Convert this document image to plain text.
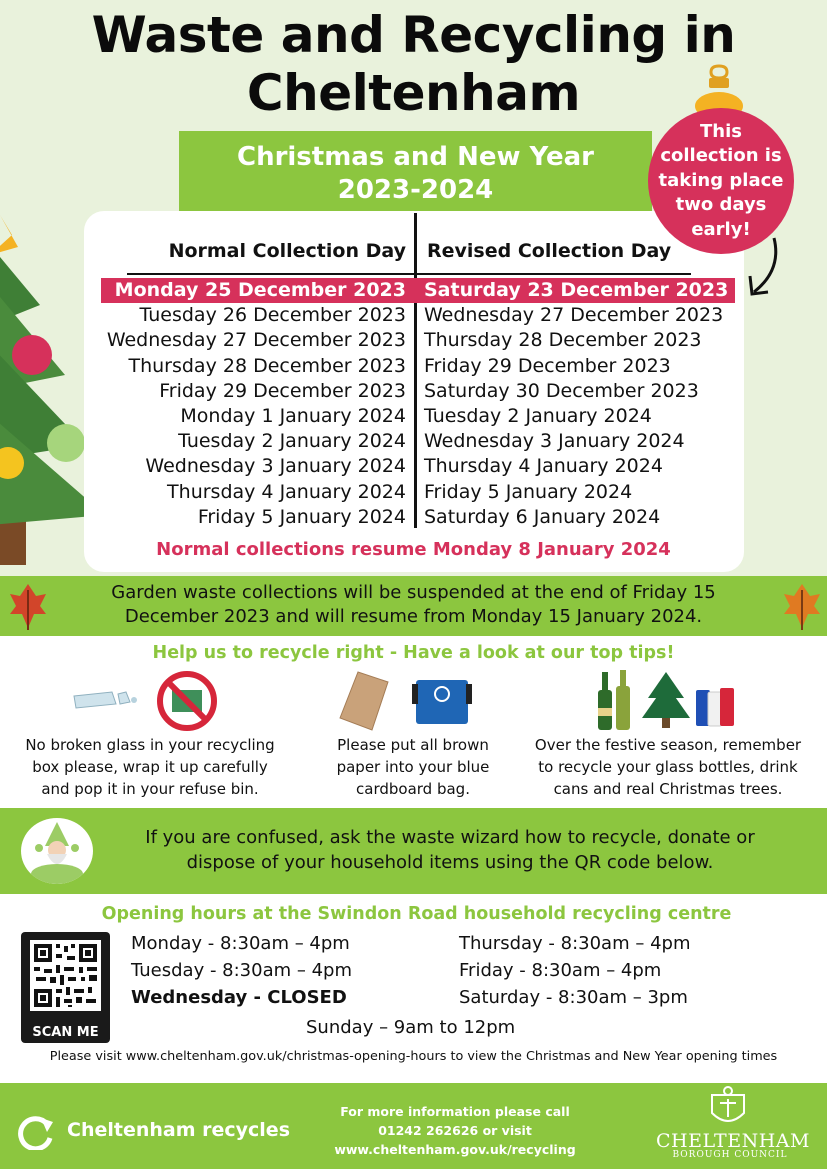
Waste and Recycling in
Cheltenham
Christmas and New Year
2023-2024
This
collection is
taking place
two days
early!
Normal Collection Day Revised Collection Day
Monday 25 December 2023 Saturday 23 December 2023
Tuesday 26 December 2023 Wednesday 27 December 2023
Wednesday 27 December 2023 Thursday 28 December 2023
Thursday 28 December 2023 Friday 29 December 2023
Friday 29 December 2023 Saturday 30 December 2023
Monday 1 January 2024 Tuesday 2 January 2024
Tuesday 2 January 2024 Wednesday 3 January 2024
Wednesday 3 January 2024 Thursday 4 January 2024
Thursday 4 January 2024 Friday 5 January 2024
Friday 5 January 2024 Saturday 6 January 2024
Normal collections resume Monday 8 January 2024
Garden waste collections will be suspended at the end of Friday 15
December 2023 and will resume from Monday 15 January 2024.
Help us to recycle right - Have a look at our top tips!
No broken glass in your recycling
box please, wrap it up carefully
and pop it in your refuse bin.
Please put all brown
paper into your blue
cardboard bag.
Over the festive season, remember
to recycle your glass bottles, drink
cans and real Christmas trees.
If you are confused, ask the waste wizard how to recycle, donate or
dispose of your household items using the QR code below.
Opening hours at the Swindon Road household recycling centre
SCAN ME
Monday - 8:30am – 4pm
Tuesday - 8:30am – 4pm
Wednesday - CLOSED
Thursday - 8:30am – 4pm
Friday - 8:30am – 4pm
Saturday - 8:30am – 3pm
Sunday – 9am to 12pm
Please visit www.cheltenham.gov.uk/christmas-opening-hours to view the Christmas and New Year opening times
Cheltenham recycles
For more information please call
01242 262626 or visit
www.cheltenham.gov.uk/recycling	CHELTENHAM
BOROUGH COUNCIL
